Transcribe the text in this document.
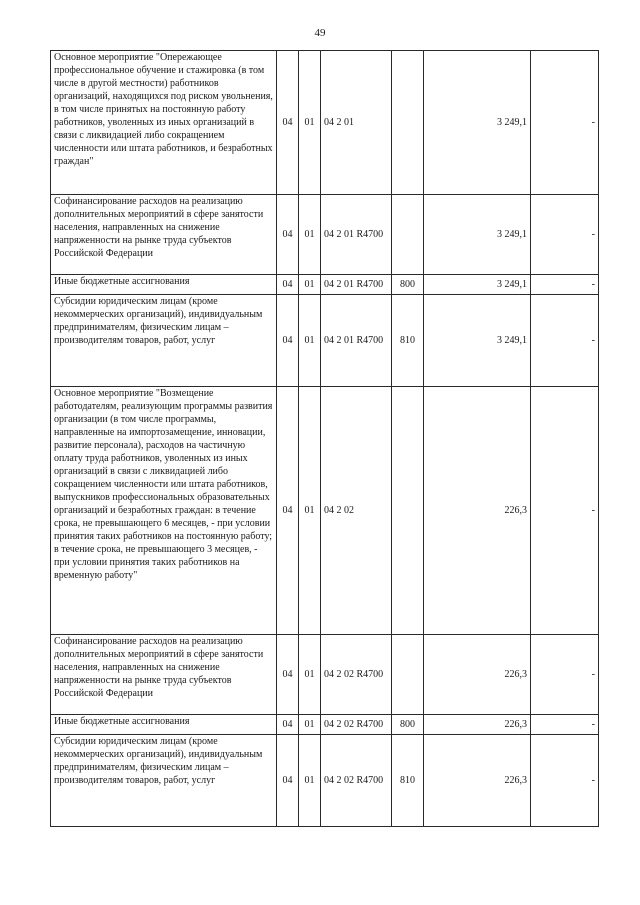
49
Основное мероприятие "Опережающее профессиональное обучение и стажировка (в том числе в другой местности) работников организаций, находящихся под риском увольнения, в том числе принятых на постоянную работу работников, уволенных из иных организаций в связи с ликвидацией либо сокращением численности или штата работников, и безработных граждан"	04	01	04 2 01		3 249,1	-
Софинансирование расходов на реализацию дополнительных мероприятий в сфере занятости населения, направленных на снижение напряженности на рынке труда субъектов Российской Федерации	04	01	04 2 01 R4700		3 249,1	-
Иные бюджетные ассигнования	04	01	04 2 01 R4700	800	3 249,1	-
Субсидии юридическим лицам (кроме некоммерческих организаций), индивидуальным предпринимателям, физическим лицам – производителям товаров, работ, услуг	04	01	04 2 01 R4700	810	3 249,1	-
Основное мероприятие "Возмещение работодателям, реализующим программы развития организации (в том числе программы, направленные на импортозамещение, инновации, развитие персонала), расходов на частичную оплату труда работников, уволенных из иных организаций в связи с ликвидацией либо сокращением численности или штата работников, выпускников профессиональных образовательных организаций и безработных граждан: в течение срока, не превышающего 6 месяцев, - при условии принятия таких работников на постоянную работу; в течение срока, не превышающего 3 месяцев, - при условии принятия таких работников на временную работу"	04	01	04 2 02		226,3	-
Софинансирование расходов на реализацию дополнительных мероприятий в сфере занятости населения, направленных на снижение напряженности на рынке труда субъектов Российской Федерации	04	01	04 2 02 R4700		226,3	-
Иные бюджетные ассигнования	04	01	04 2 02 R4700	800	226,3	-
Субсидии юридическим лицам (кроме некоммерческих организаций), индивидуальным предпринимателям, физическим лицам – производителям товаров, работ, услуг	04	01	04 2 02 R4700	810	226,3	-
